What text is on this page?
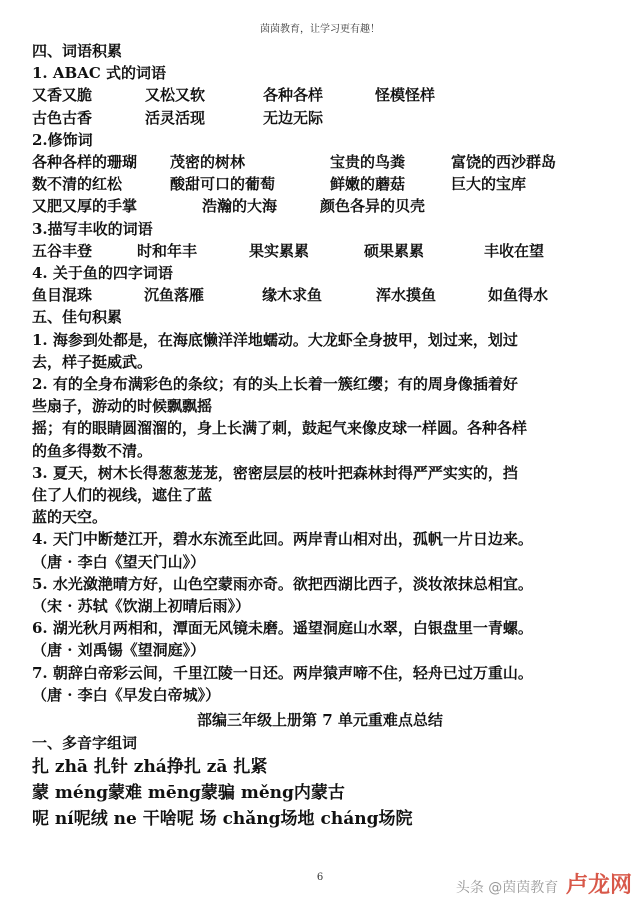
茵茵教育，让学习更有趣！
四、词语积累
1. ABAC 式的词语
又香又脆	又松又软	各种各样	怪模怪样
古色古香	活灵活现	无边无际
2.修饰词
各种各样的珊瑚	茂密的树林	宝贵的鸟粪	富饶的西沙群岛
数不清的红松	酸甜可口的葡萄	鲜嫩的蘑菇	巨大的宝库
又肥又厚的手掌	浩瀚的大海	颜色各异的贝壳
3.描写丰收的词语
五谷丰登	时和年丰	果实累累	硕果累累	丰收在望
4. 关于鱼的四字词语
鱼目混珠	沉鱼落雁	缘木求鱼	浑水摸鱼	如鱼得水
五、佳句积累
1. 海参到处都是，在海底懒洋洋地蠕动。大龙虾全身披甲，划过来，划过
去，样子挺威武。
2. 有的全身布满彩色的条纹；有的头上长着一簇红缨；有的周身像插着好
些扇子，游动的时候飘飘摇
摇；有的眼睛圆溜溜的，身上长满了刺，鼓起气来像皮球一样圆。各种各样
的鱼多得数不清。
3. 夏天，树木长得葱葱茏茏，密密层层的枝叶把森林封得严严实实的，挡
住了人们的视线，遮住了蓝
蓝的天空。
4. 天门中断楚江开，碧水东流至此回。两岸青山相对出，孤帆一片日边来。
（唐 · 李白《望天门山》）
5. 水光潋滟晴方好，山色空蒙雨亦奇。欲把西湖比西子，淡妆浓抹总相宜。
（宋 · 苏轼《饮湖上初晴后雨》）
6. 湖光秋月两相和，潭面无风镜未磨。遥望洞庭山水翠，白银盘里一青螺。
（唐 · 刘禹锡《望洞庭》）
7. 朝辞白帝彩云间，千里江陵一日还。两岸猿声啼不住，轻舟已过万重山。
（唐 · 李白《早发白帝城》）
部编三年级上册第 7 单元重难点总结
一、多音字组词
扎 zhā 扎针 zhá挣扎 zā 扎紧
蒙 méng蒙难 mēng蒙骗 měng内蒙古
呢 ní呢绒 ne 干啥呢 场 chǎng场地 cháng场院
6
头条 @茵茵教育 卢龙网
